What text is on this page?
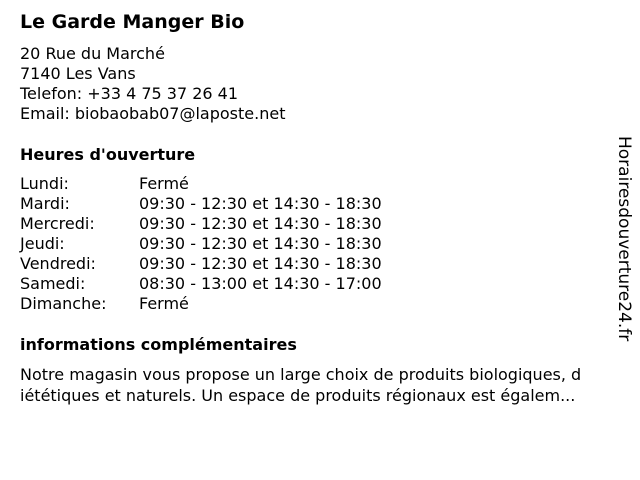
Le Garde Manger Bio
20 Rue du Marché
7140 Les Vans
Telefon: +33 4 75 37 26 41
Email: biobaobab07@laposte.net
Heures d'ouverture
Lundi:	Fermé
Mardi:	09:30 - 12:30 et 14:30 - 18:30
Mercredi:	09:30 - 12:30 et 14:30 - 18:30
Jeudi:	09:30 - 12:30 et 14:30 - 18:30
Vendredi:	09:30 - 12:30 et 14:30 - 18:30
Samedi:	08:30 - 13:00 et 14:30 - 17:00
Dimanche: Fermé
informations complémentaires
Notre magasin vous propose un large choix de produits biologiques, d
iététiques et naturels. Un espace de produits régionaux est égalem...
Horairesdouverture24.fr
